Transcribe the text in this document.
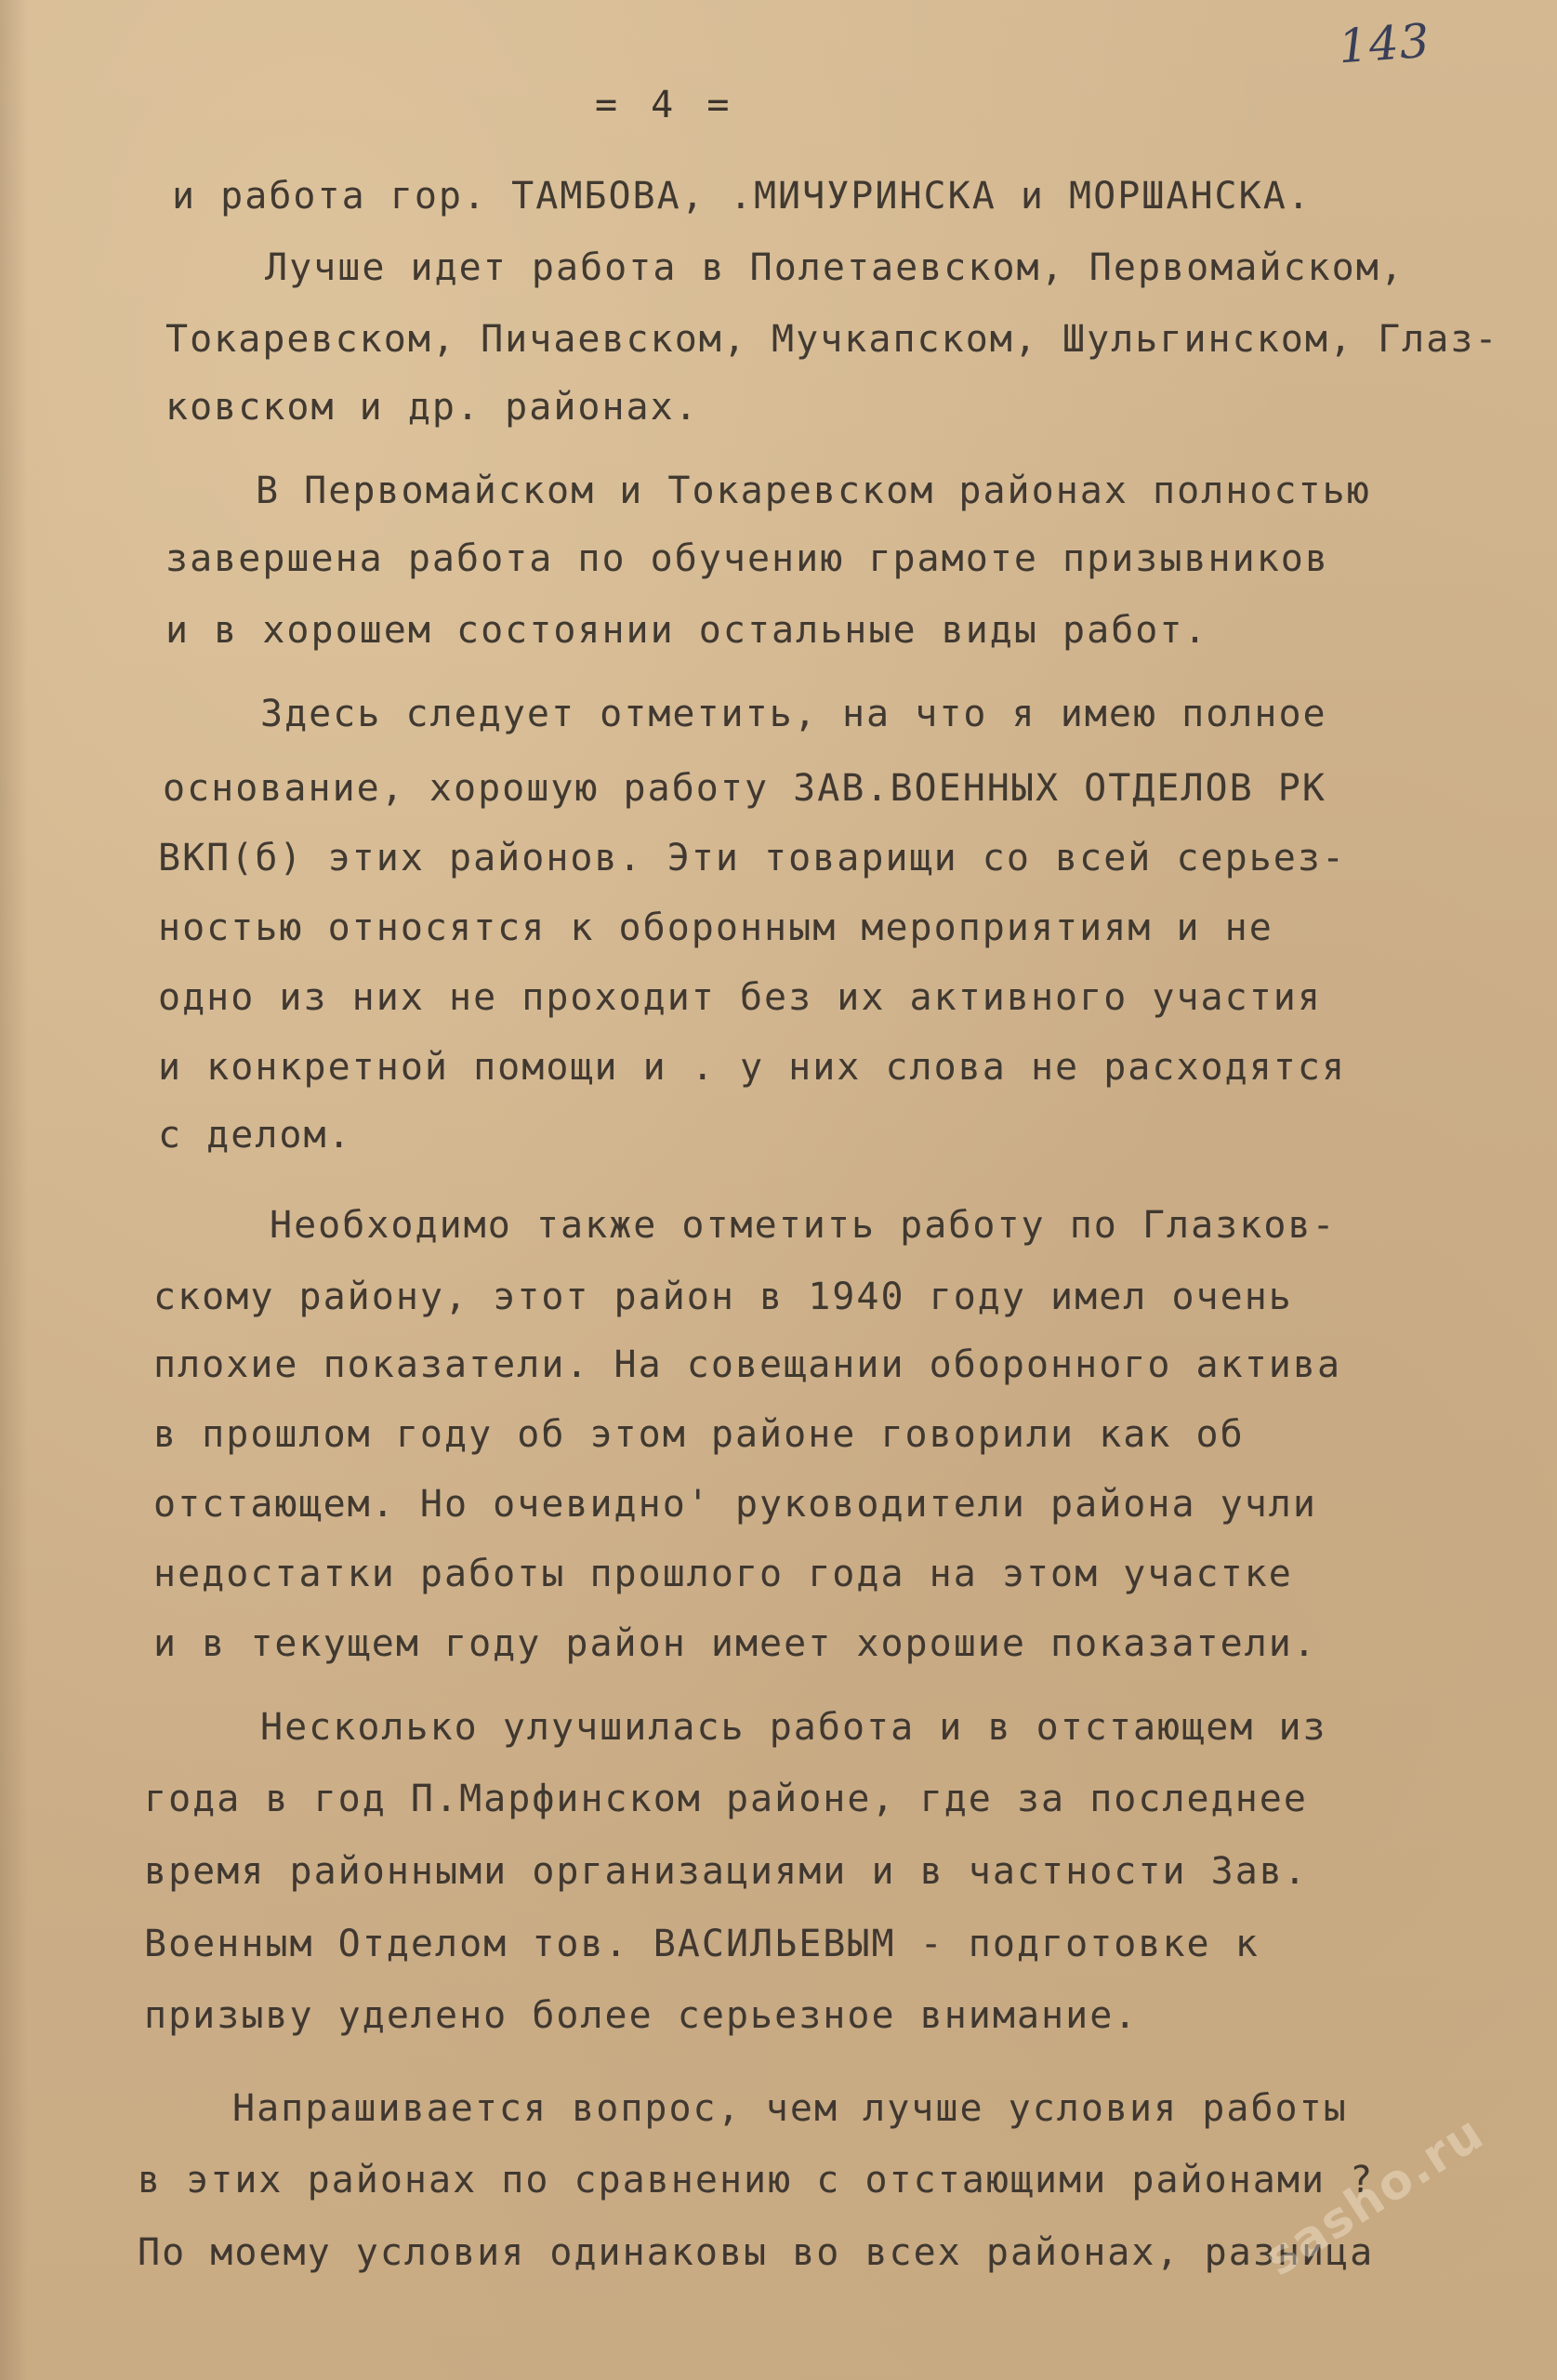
143
= 4 =
и работа гор. ТАМБОВА, .МИЧУРИНСКА и МОРШАНСКА.
Лучше идет работа в Полетаевском, Первомайском,
Токаревском, Пичаевском, Мучкапском, Шульгинском, Глаз-
ковском и др. районах.
В Первомайском и Токаревском районах полностью
завершена работа по обучению грамоте призывников
и в хорошем состоянии остальные виды работ.
Здесь следует отметить, на что я имею полное
основание, хорошую работу ЗАВ.ВОЕННЫХ ОТДЕЛОВ РК
ВКП(б) этих районов. Эти товарищи со всей серьез-
ностью относятся к оборонным мероприятиям и не
одно из них не проходит без их активного участия
и конкретной помощи и . у них слова не расходятся
с делом.
Необходимо также отметить работу по Глазков-
скому району, этот район в 1940 году имел очень
плохие показатели. На совещании оборонного актива
в прошлом году об этом районе говорили как об
отстающем. Но очевидно' руководители района учли
недостатки работы прошлого года на этом участке
и в текущем году район имеет хорошие показатели.
Несколько улучшилась работа и в отстающем из
года в год П.Марфинском районе, где за последнее
время районными организациями и в частности Зав.
Военным Отделом тов. ВАСИЛЬЕВЫМ - подготовке к
призыву уделено более серьезное внимание.
Напрашивается вопрос, чем лучше условия работы
в этих районах по сравнению с отстающими районами ?
По моему условия одинаковы во всех районах, разница
sasho.ru
